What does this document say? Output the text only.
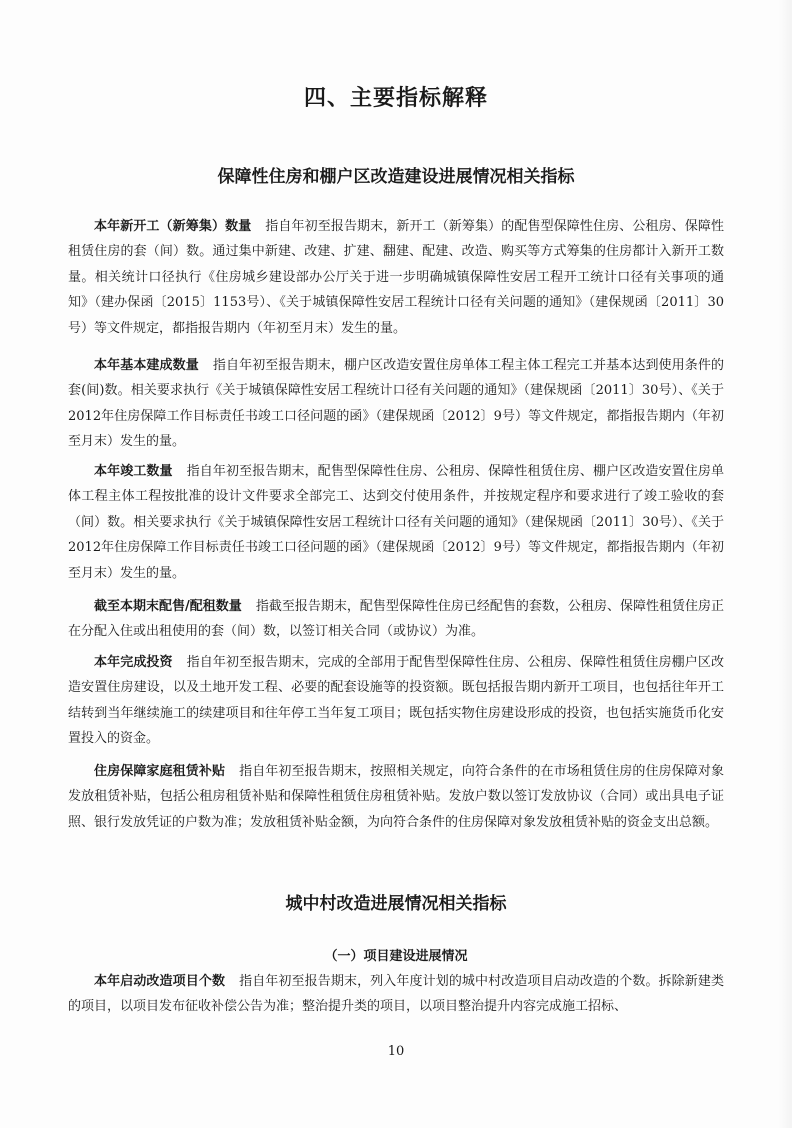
四、主要指标解释
保障性住房和棚户区改造建设进展情况相关指标

本年新开工（新筹集）数量 指自年初至报告期末，新开工（新筹集）的配售型保障性住房、公租房、保障性租赁住房的套（间）数。通过集中新建、改建、扩建、翻建、配建、改造、购买等方式筹集的住房都计入新开工数量。相关统计口径执行《住房城乡建设部办公厅关于进一步明确城镇保障性安居工程开工统计口径有关事项的通知》（建办保函〔2015〕1153号）、《关于城镇保障性安居工程统计口径有关问题的通知》（建保规函〔2011〕30号）等文件规定，都指报告期内（年初至月末）发生的量。

本年基本建成数量 指自年初至报告期末，棚户区改造安置住房单体工程主体工程完工并基本达到使用条件的套(间)数。相关要求执行《关于城镇保障性安居工程统计口径有关问题的通知》（建保规函〔2011〕30号）、《关于2012年住房保障工作目标责任书竣工口径问题的函》（建保规函〔2012〕9号）等文件规定，都指报告期内（年初至月末）发生的量。

本年竣工数量 指自年初至报告期末，配售型保障性住房、公租房、保障性租赁住房、棚户区改造安置住房单体工程主体工程按批准的设计文件要求全部完工、达到交付使用条件，并按规定程序和要求进行了竣工验收的套（间）数。相关要求执行《关于城镇保障性安居工程统计口径有关问题的通知》（建保规函〔2011〕30号）、《关于2012年住房保障工作目标责任书竣工口径问题的函》（建保规函〔2012〕9号）等文件规定，都指报告期内（年初至月末）发生的量。

截至本期末配售/配租数量 指截至报告期末，配售型保障性住房已经配售的套数，公租房、保障性租赁住房正在分配入住或出租使用的套（间）数，以签订相关合同（或协议）为准。

本年完成投资 指自年初至报告期末，完成的全部用于配售型保障性住房、公租房、保障性租赁住房棚户区改造安置住房建设，以及土地开发工程、必要的配套设施等的投资额。既包括报告期内新开工项目，也包括往年开工结转到当年继续施工的续建项目和往年停工当年复工项目；既包括实物住房建设形成的投资，也包括实施货币化安置投入的资金。

住房保障家庭租赁补贴 指自年初至报告期末，按照相关规定，向符合条件的在市场租赁住房的住房保障对象发放租赁补贴，包括公租房租赁补贴和保障性租赁住房租赁补贴。发放户数以签订发放协议（合同）或出具电子证照、银行发放凭证的户数为准；发放租赁补贴金额，为向符合条件的住房保障对象发放租赁补贴的资金支出总额。

城中村改造进展情况相关指标
（一）项目建设进展情况

本年启动改造项目个数 指自年初至报告期末，列入年度计划的城中村改造项目启动改造的个数。拆除新建类的项目，以项目发布征收补偿公告为准；整治提升类的项目，以项目整治提升内容完成施工招标、

10
